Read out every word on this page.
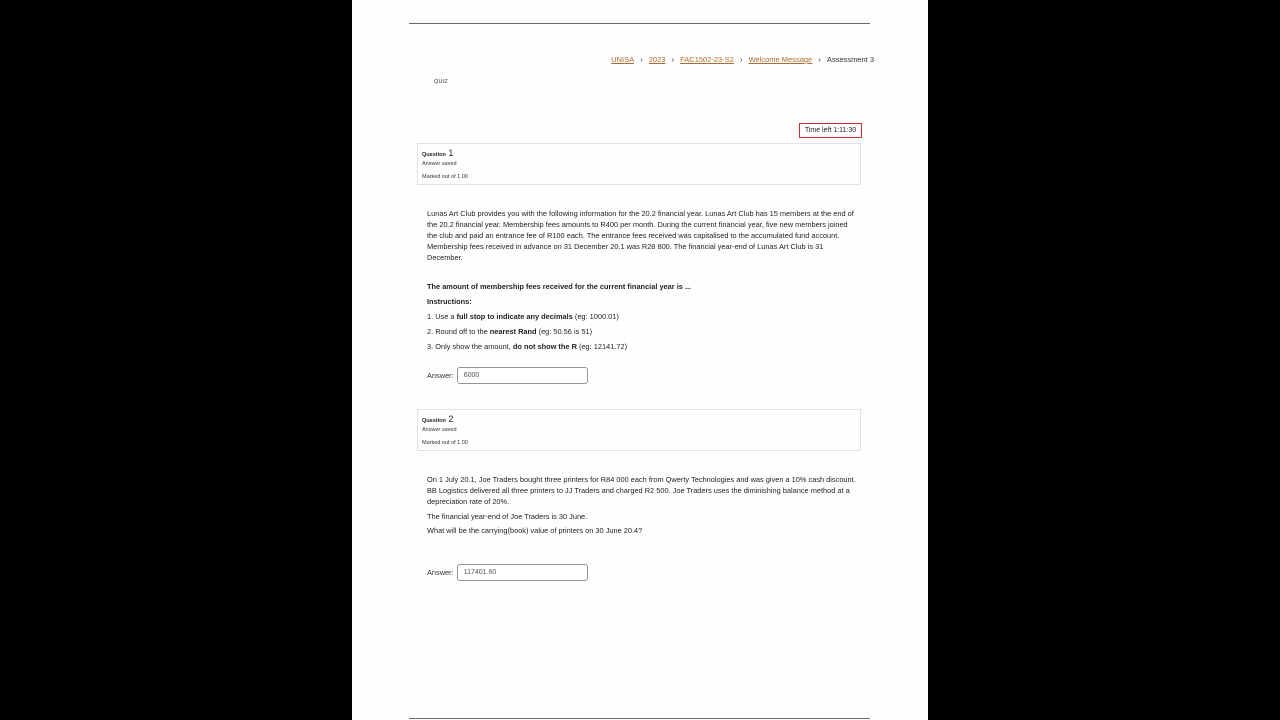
UNISA › 2023 › FAC1502-23-S2 › Welcome Message › Assessment 3
QUIZ
Time left 1:11:30
Question 1
Answer saved
Marked out of 1.00

Lunas Art Club provides you with the following information for the 20.2 financial year. Lunas Art Club has 15 members at the end of the 20.2 financial year. Membership fees amounts to R400 per month. During the current financial year, five new members joined the club and paid an entrance fee of R100 each. The entrance fees received was capitalised to the accumulated fund account. Membership fees received in advance on 31 December 20.1 was R28 800. The financial year-end of Lunas Art Club is 31 December.

The amount of membership fees received for the current financial year is ...

Instructions:

1. Use a full stop to indicate any decimals (eg: 1000.01)

2. Round off to the nearest Rand (eg: 50.56 is 51)

3. Only show the amount, do not show the R (eg: 12141.72)

Answer:
6000
Question 2
Answer saved
Marked out of 1.00

On 1 July 20.1, Joe Traders bought three printers for R84 000 each from Qwerty Technologies and was given a 10% cash discount. BB Logistics delivered all three printers to JJ Traders and charged R2 500. Joe Traders uses the diminishing balance method at a depreciation rate of 20%.

The financial year-end of Joe Traders is 30 June.

What will be the carrying(book) value of printers on 30 June 20.4?

Answer:
117401.60
